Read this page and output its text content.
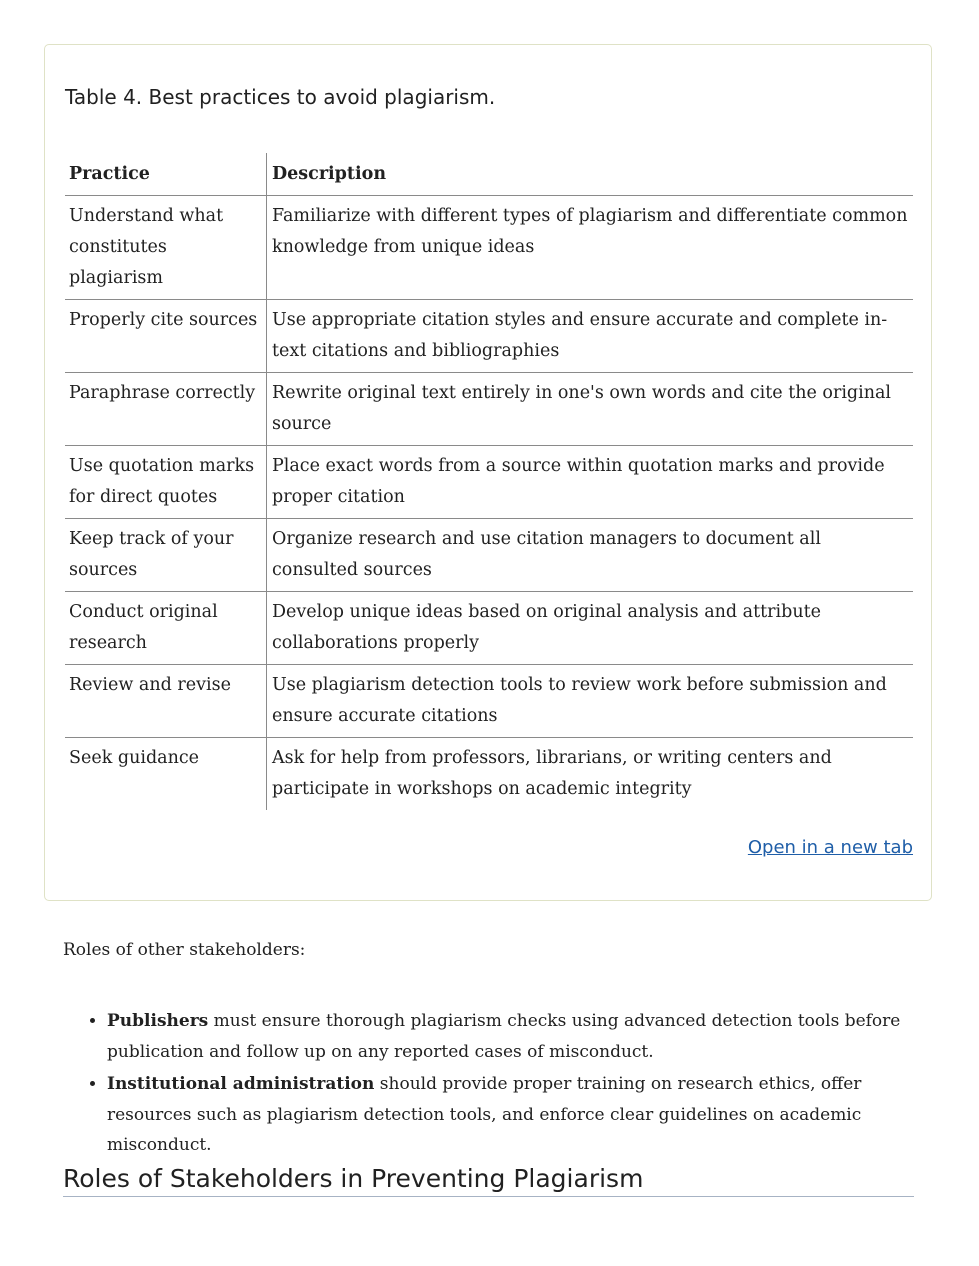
Table 4. Best practices to avoid plagiarism.
Practice	Description
Understand what constitutes plagiarism	Familiarize with different types of plagiarism and differentiate common knowledge from unique ideas
Properly cite sources	Use appropriate citation styles and ensure accurate and complete in-text citations and bibliographies
Paraphrase correctly	Rewrite original text entirely in one's own words and cite the original source
Use quotation marks for direct quotes	Place exact words from a source within quotation marks and provide proper citation
Keep track of your sources	Organize research and use citation managers to document all consulted sources
Conduct original research	Develop unique ideas based on original analysis and attribute collaborations properly
Review and revise	Use plagiarism detection tools to review work before submission and ensure accurate citations
Seek guidance	Ask for help from professors, librarians, or writing centers and participate in workshops on academic integrity
Open in a new tab

Roles of other stakeholders:

• Publishers must ensure thorough plagiarism checks using advanced detection tools before publication and follow up on any reported cases of misconduct.
• Institutional administration should provide proper training on research ethics, offer resources such as plagiarism detection tools, and enforce clear guidelines on academic misconduct.
Roles of Stakeholders in Preventing Plagiarism
